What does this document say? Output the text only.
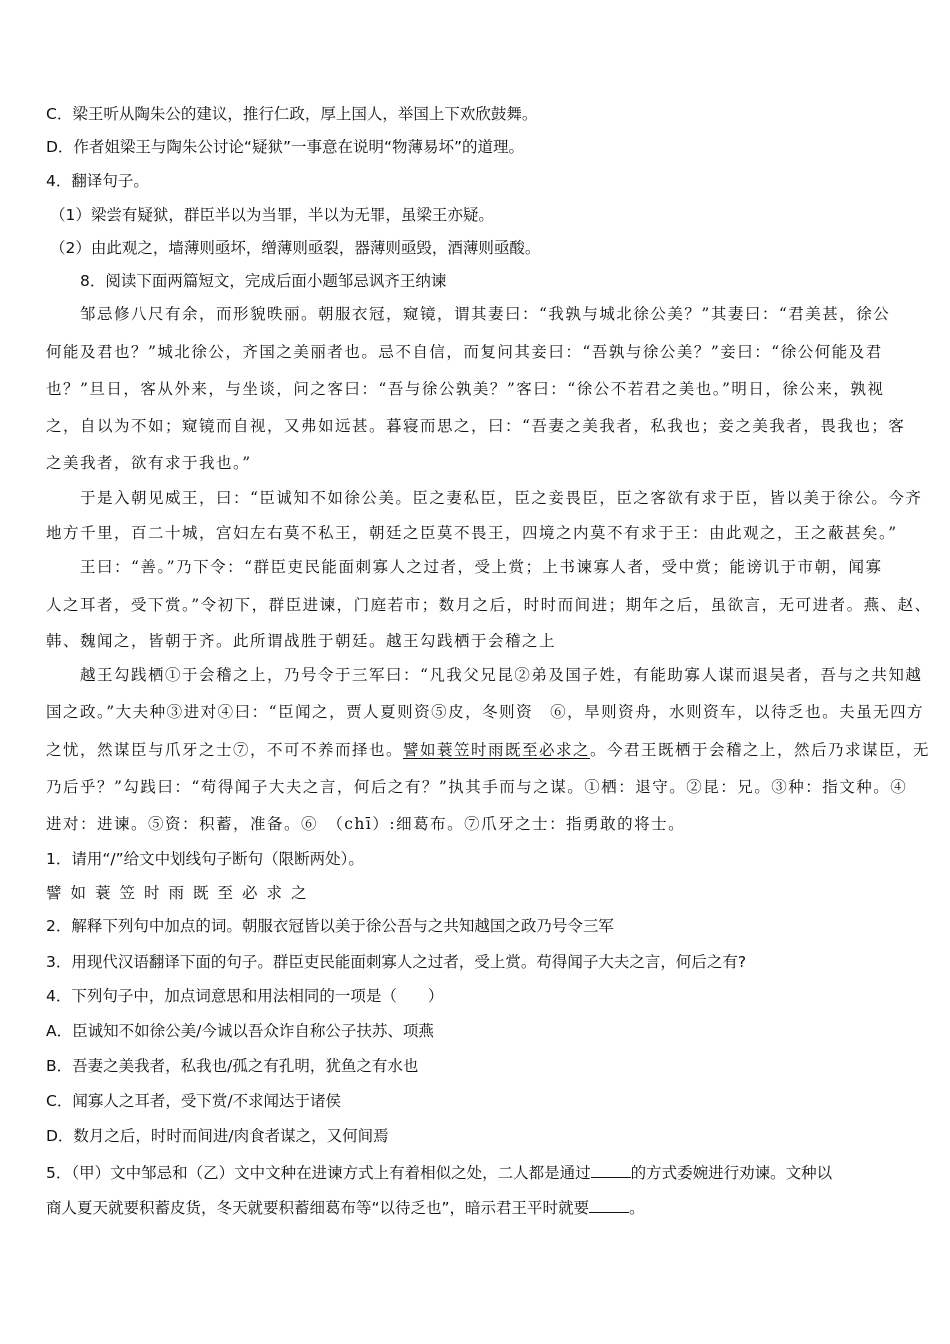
C．梁王听从陶朱公的建议，推行仁政，厚上国人，举国上下欢欣鼓舞。
D．作者姐梁王与陶朱公讨论“疑狱”一事意在说明“物薄易坏”的道理。
4．翻译句子。
（1）梁尝有疑狱，群臣半以为当罪，半以为无罪，虽梁王亦疑。
（2）由此观之，墙薄则亟坏，缯薄则亟裂，器薄则亟毁，酒薄则亟酸。
8．阅读下面两篇短文，完成后面小题邹忌讽齐王纳谏
邹忌修八尺有余，而形貌昳丽。朝服衣冠，窥镜，谓其妻曰：“我孰与城北徐公美？”其妻曰：“君美甚，徐公
何能及君也？”城北徐公，齐国之美丽者也。忌不自信，而复问其妾曰：“吾孰与徐公美？”妾曰：“徐公何能及君
也？”旦日，客从外来，与坐谈，问之客曰：“吾与徐公孰美？”客曰：“徐公不若君之美也。”明日，徐公来，孰视
之，自以为不如；窥镜而自视，又弗如远甚。暮寝而思之，曰：“吾妻之美我者，私我也；妾之美我者，畏我也；客
之美我者，欲有求于我也。”
于是入朝见威王，曰：“臣诚知不如徐公美。臣之妻私臣，臣之妾畏臣，臣之客欲有求于臣，皆以美于徐公。今齐
地方千里，百二十城，宫妇左右莫不私王，朝廷之臣莫不畏王，四境之内莫不有求于王：由此观之，王之蔽甚矣。”
王曰：“善。”乃下令：“群臣吏民能面刺寡人之过者，受上赏；上书谏寡人者，受中赏；能谤讥于市朝，闻寡
人之耳者，受下赏。”令初下，群臣进谏，门庭若市；数月之后，时时而间进；期年之后，虽欲言，无可进者。燕、赵、
韩、魏闻之，皆朝于齐。此所谓战胜于朝廷。越王勾践栖于会稽之上
越王勾践栖①于会稽之上，乃号令于三军曰：“凡我父兄昆②弟及国子姓，有能助寡人谋而退吴者，吾与之共知越
国之政。”大夫种③进对④曰：“臣闻之，贾人夏则资⑤皮，冬则资　⑥，旱则资舟，水则资车，以待乏也。夫虽无四方
之忧，然谋臣与爪牙之士⑦，不可不养而择也。譬如蓑笠时雨既至必求之。今君王既栖于会稽之上，然后乃求谋臣，无
乃后乎？”勾践曰：“苟得闻子大夫之言，何后之有？”执其手而与之谋。①栖：退守。②昆：兄。③种：指文种。④
进对：进谏。⑤资：积蓄，准备。⑥　（chī）:细葛布。⑦爪牙之士：指勇敢的将士。
1．请用“/”给文中划线句子断句（限断两处）。
譬如蓑笠时雨既至必求之
2．解释下列句中加点的词。朝服衣冠皆以美于徐公吾与之共知越国之政乃号令三军
3．用现代汉语翻译下面的句子。群臣吏民能面刺寡人之过者，受上赏。苟得闻子大夫之言，何后之有?
4．下列句子中，加点词意思和用法相同的一项是（　　）
A．臣诚知不如徐公美/今诚以吾众诈自称公子扶苏、项燕
B．吾妻之美我者，私我也/孤之有孔明，犹鱼之有水也
C．闻寡人之耳者，受下赏/不求闻达于诸侯
D．数月之后，时时而间进/肉食者谋之，又何间焉
5．（甲）文中邹忌和（乙）文中文种在进谏方式上有着相似之处，二人都是通过	的方式委婉进行劝谏。文种以
商人夏天就要积蓄皮货，冬天就要积蓄细葛布等“以待乏也”，暗示君王平时就要	。
